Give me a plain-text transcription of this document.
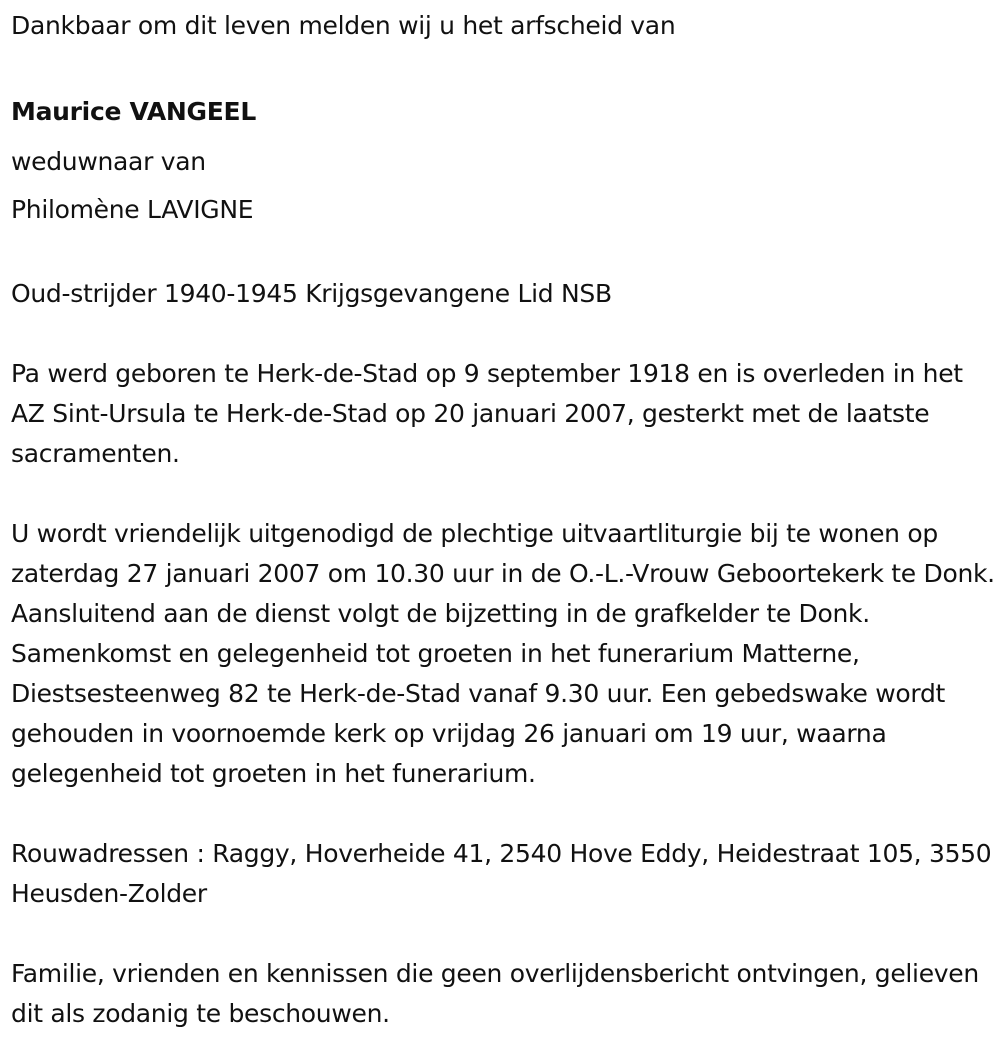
Dankbaar om dit leven melden wij u het arfscheid van

Maurice VANGEEL

weduwnaar van

Philomène LAVIGNE

Oud-strijder 1940-1945 Krijgsgevangene Lid NSB

Pa werd geboren te Herk-de-Stad op 9 september 1918 en is overleden in het AZ Sint-Ursula te Herk-de-Stad op 20 januari 2007, gesterkt met de laatste sacramenten.

U wordt vriendelijk uitgenodigd de plechtige uitvaartliturgie bij te wonen op zaterdag 27 januari 2007 om 10.30 uur in de O.-L.-Vrouw Geboortekerk te Donk. Aansluitend aan de dienst volgt de bijzetting in de grafkelder te Donk. Samenkomst en gelegenheid tot groeten in het funerarium Matterne, Diestsesteenweg 82 te Herk-de-Stad vanaf 9.30 uur. Een gebedswake wordt gehouden in voornoemde kerk op vrijdag 26 januari om 19 uur, waarna gelegenheid tot groeten in het funerarium.

Rouwadressen : Raggy, Hoverheide 41, 2540 Hove Eddy, Heidestraat 105, 3550 Heusden-Zolder

Familie, vrienden en kennissen die geen overlijdensbericht ontvingen, gelieven dit als zodanig te beschouwen.
